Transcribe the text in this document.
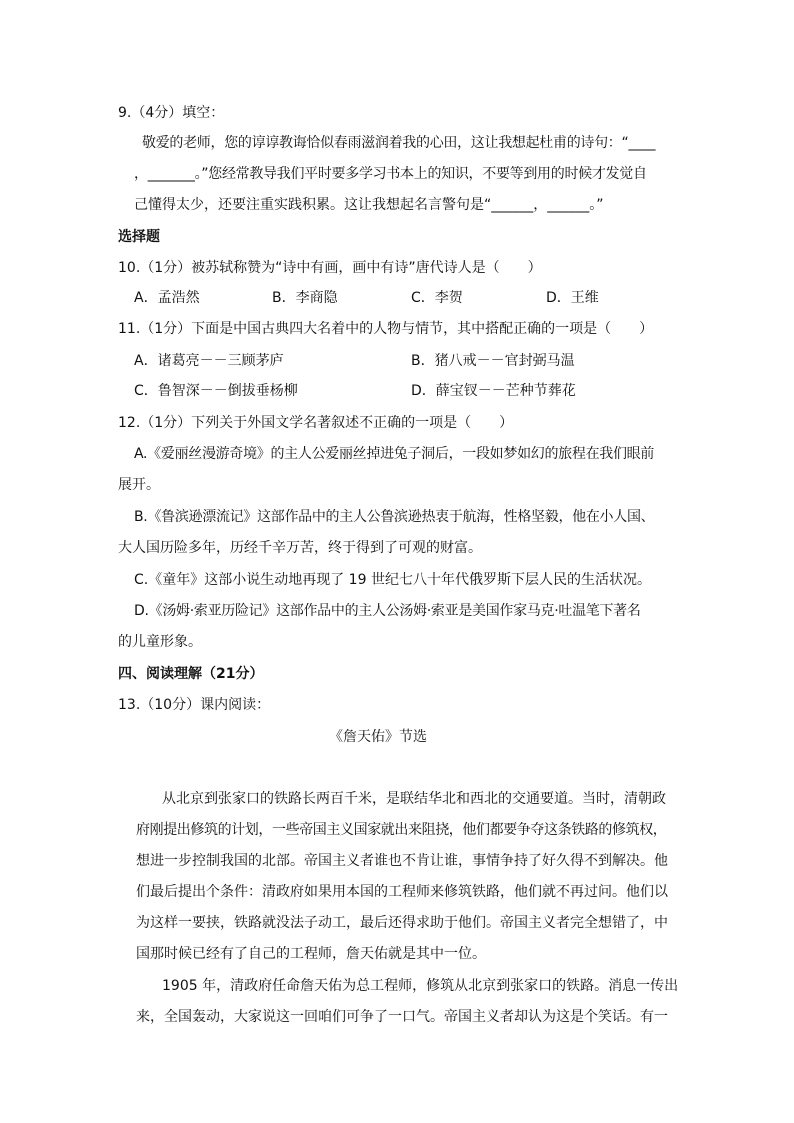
9.（4分）填空：
敬爱的老师，您的谆谆教诲恰似春雨滋润着我的心田，这让我想起杜甫的诗句：“____
，_______。”您经常教导我们平时要多学习书本上的知识，不要等到用的时候才发觉自
己懂得太少，还要注重实践积累。这让我想起名言警句是“______，______。”
选择题
10.（1分）被苏轼称赞为“诗中有画，画中有诗”唐代诗人是（　　）
A．孟浩然	B．李商隐	C．李贺	D．王维
11.（1分）下面是中国古典四大名着中的人物与情节，其中搭配正确的一项是（　　）
A．诸葛亮－－三顾茅庐	B．猪八戒－－官封弼马温
C．鲁智深－－倒拔垂杨柳	D．薛宝钗－－芒种节葬花
12.（1分）下列关于外国文学名著叙述不正确的一项是（　　）
A.《爱丽丝漫游奇境》的主人公爱丽丝掉进兔子洞后，一段如梦如幻的旅程在我们眼前
展开。
B.《鲁滨逊漂流记》这部作品中的主人公鲁滨逊热衷于航海，性格坚毅，他在小人国、
大人国历险多年，历经千辛万苦，终于得到了可观的财富。
C.《童年》这部小说生动地再现了 19 世纪七八十年代俄罗斯下层人民的生活状况。
D.《汤姆·索亚历险记》这部作品中的主人公汤姆·索亚是美国作家马克·吐温笔下著名
的儿童形象。
四、阅读理解（21分）
13.（10分）课内阅读：
《詹天佑》节选
从北京到张家口的铁路长两百千米，是联结华北和西北的交通要道。当时，清朝政
府刚提出修筑的计划，一些帝国主义国家就出来阻挠，他们都要争夺这条铁路的修筑权，
想进一步控制我国的北部。帝国主义者谁也不肯让谁，事情争持了好久得不到解决。他
们最后提出个条件：清政府如果用本国的工程师来修筑铁路，他们就不再过问。他们以
为这样一要挟，铁路就没法子动工，最后还得求助于他们。帝国主义者完全想错了，中
国那时候已经有了自己的工程师，詹天佑就是其中一位。
1905 年，清政府任命詹天佑为总工程师，修筑从北京到张家口的铁路。消息一传出
来，全国轰动，大家说这一回咱们可争了一口气。帝国主义者却认为这是个笑话。有一
